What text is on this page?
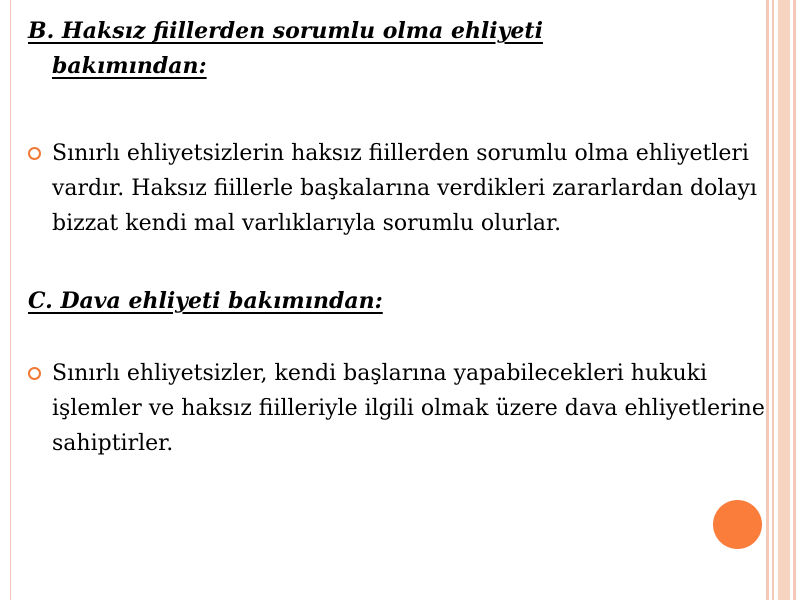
B. Haksız fiillerden sorumlu olma ehliyeti
bakımından:

Sınırlı ehliyetsizlerin haksız fiillerden sorumlu olma ehliyetleri vardır. Haksız fiillerle başkalarına verdikleri zararlardan dolayı bizzat kendi mal varlıklarıyla sorumlu olurlar.

C. Dava ehliyeti bakımından:

Sınırlı ehliyetsizler, kendi başlarına yapabilecekleri hukuki işlemler ve haksız fiilleriyle ilgili olmak üzere dava ehliyetlerine sahiptirler.
